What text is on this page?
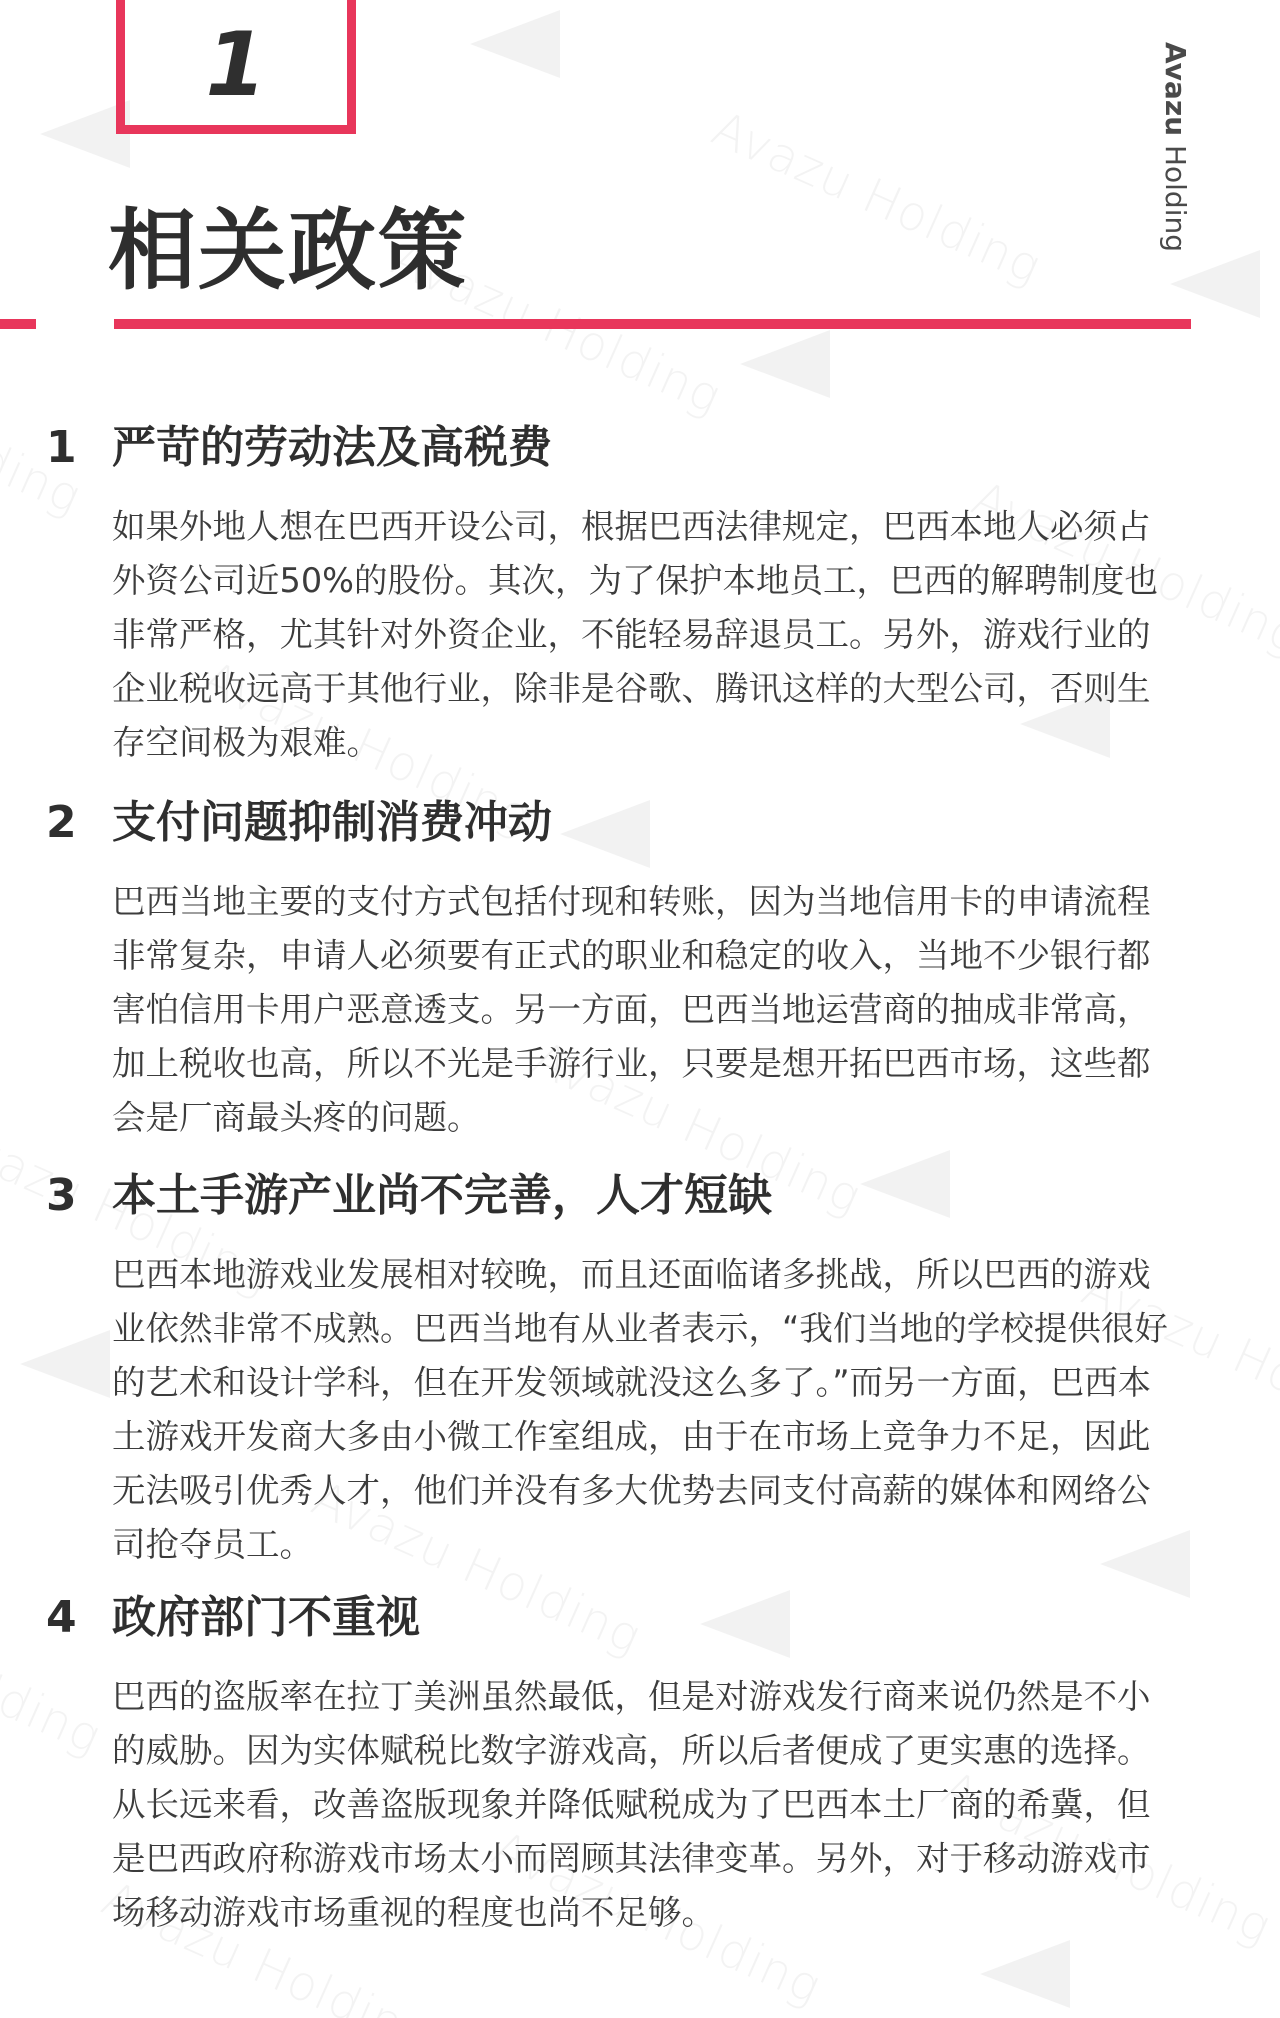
1
相关政策
Avazu Holding
1 严苛的劳动法及高税费

如果外地人想在巴西开设公司，根据巴西法律规定，巴西本地人必须占外资公司近50%的股份。其次，为了保护本地员工，巴西的解聘制度也非常严格，尤其针对外资企业，不能轻易辞退员工。另外，游戏行业的企业税收远高于其他行业，除非是谷歌、腾讯这样的大型公司，否则生存空间极为艰难。

2 支付问题抑制消费冲动

巴西当地主要的支付方式包括付现和转账，因为当地信用卡的申请流程非常复杂，申请人必须要有正式的职业和稳定的收入，当地不少银行都害怕信用卡用户恶意透支。另一方面，巴西当地运营商的抽成非常高，加上税收也高，所以不光是手游行业，只要是想开拓巴西市场，这些都会是厂商最头疼的问题。

3 本土手游产业尚不完善，人才短缺

巴西本地游戏业发展相对较晚，而且还面临诸多挑战，所以巴西的游戏业依然非常不成熟。巴西当地有从业者表示，“我们当地的学校提供很好的艺术和设计学科，但在开发领域就没这么多了。”而另一方面，巴西本土游戏开发商大多由小微工作室组成，由于在市场上竞争力不足，因此无法吸引优秀人才，他们并没有多大优势去同支付高薪的媒体和网络公司抢夺员工。

4 政府部门不重视

巴西的盗版率在拉丁美洲虽然最低，但是对游戏发行商来说仍然是不小的威胁。因为实体赋税比数字游戏高，所以后者便成了更实惠的选择。从长远来看，改善盗版现象并降低赋税成为了巴西本土厂商的希冀，但是巴西政府称游戏市场太小而罔顾其法律变革。另外，对于移动游戏市场移动游戏市场重视的程度也尚不足够。
